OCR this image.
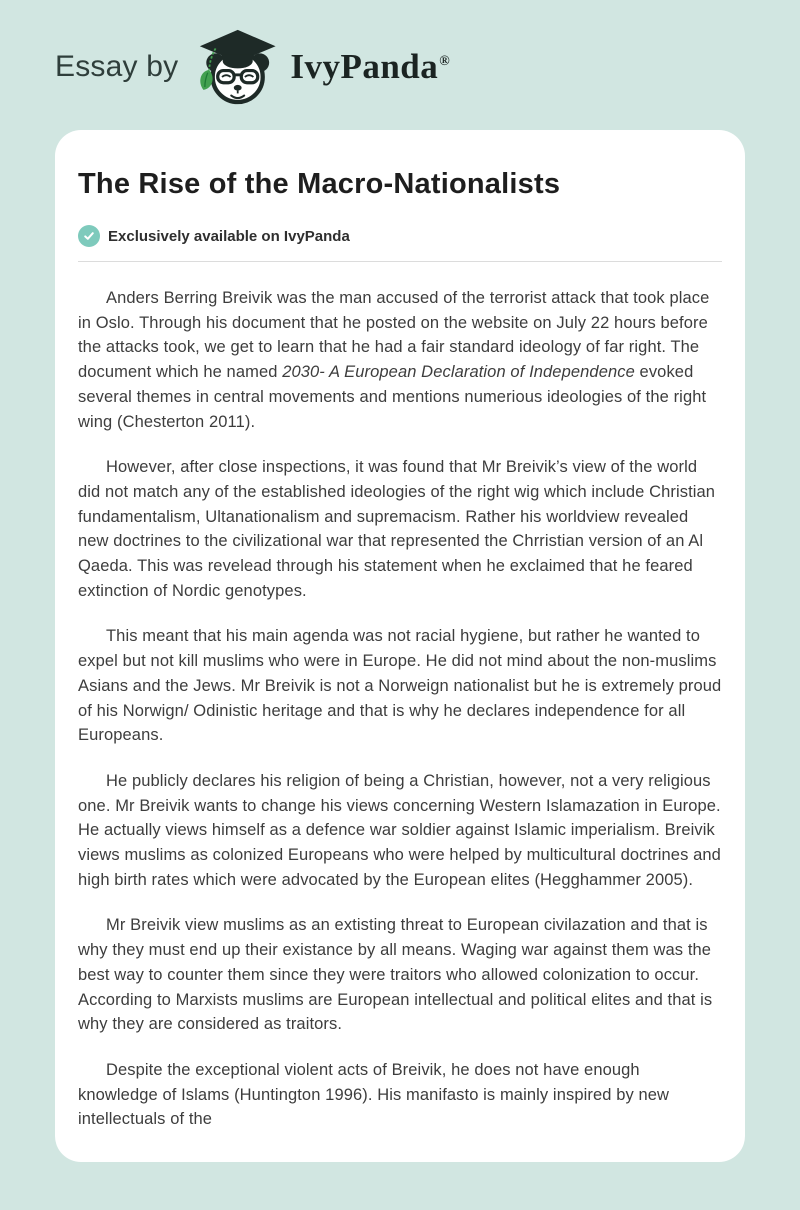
Essay by	IvyPanda®
The Rise of the Macro-Nationalists
Exclusively available on IvyPanda

Anders Berring Breivik was the man accused of the terrorist attack that took place in Oslo. Through his document that he posted on the website on July 22 hours before the attacks took, we get to learn that he had a fair standard ideology of far right. The document which he named 2030- A European Declaration of Independence evoked several themes in central movements and mentions numerious ideologies of the right wing (Chesterton 2011).

However, after close inspections, it was found that Mr Breivik’s view of the world did not match any of the established ideologies of the right wig which include Christian fundamentalism, Ultanationalism and supremacism. Rather his worldview revealed new doctrines to the civilizational war that represented the Chrristian version of an Al Qaeda. This was revelead through his statement when he exclaimed that he feared extinction of Nordic genotypes.

This meant that his main agenda was not racial hygiene, but rather he wanted to expel but not kill muslims who were in Europe. He did not mind about the non-muslims Asians and the Jews. Mr Breivik is not a Norweign nationalist but he is extremely proud of his Norwign/ Odinistic heritage and that is why he declares independence for all Europeans.

He publicly declares his religion of being a Christian, however, not a very religious one. Mr Breivik wants to change his views concerning Western Islamazation in Europe. He actually views himself as a defence war soldier against Islamic imperialism. Breivik views muslims as colonized Europeans who were helped by multicultural doctrines and high birth rates which were advocated by the European elites (Hegghammer 2005).

Mr Breivik view muslims as an extisting threat to European civilazation and that is why they must end up their existance by all means. Waging war against them was the best way to counter them since they were traitors who allowed colonization to occur. According to Marxists muslims are European intellectual and political elites and that is why they are considered as traitors.

Despite the exceptional violent acts of Breivik, he does not have enough knowledge of Islams (Huntington 1996). His manifasto is mainly inspired by new intellectuals of the
